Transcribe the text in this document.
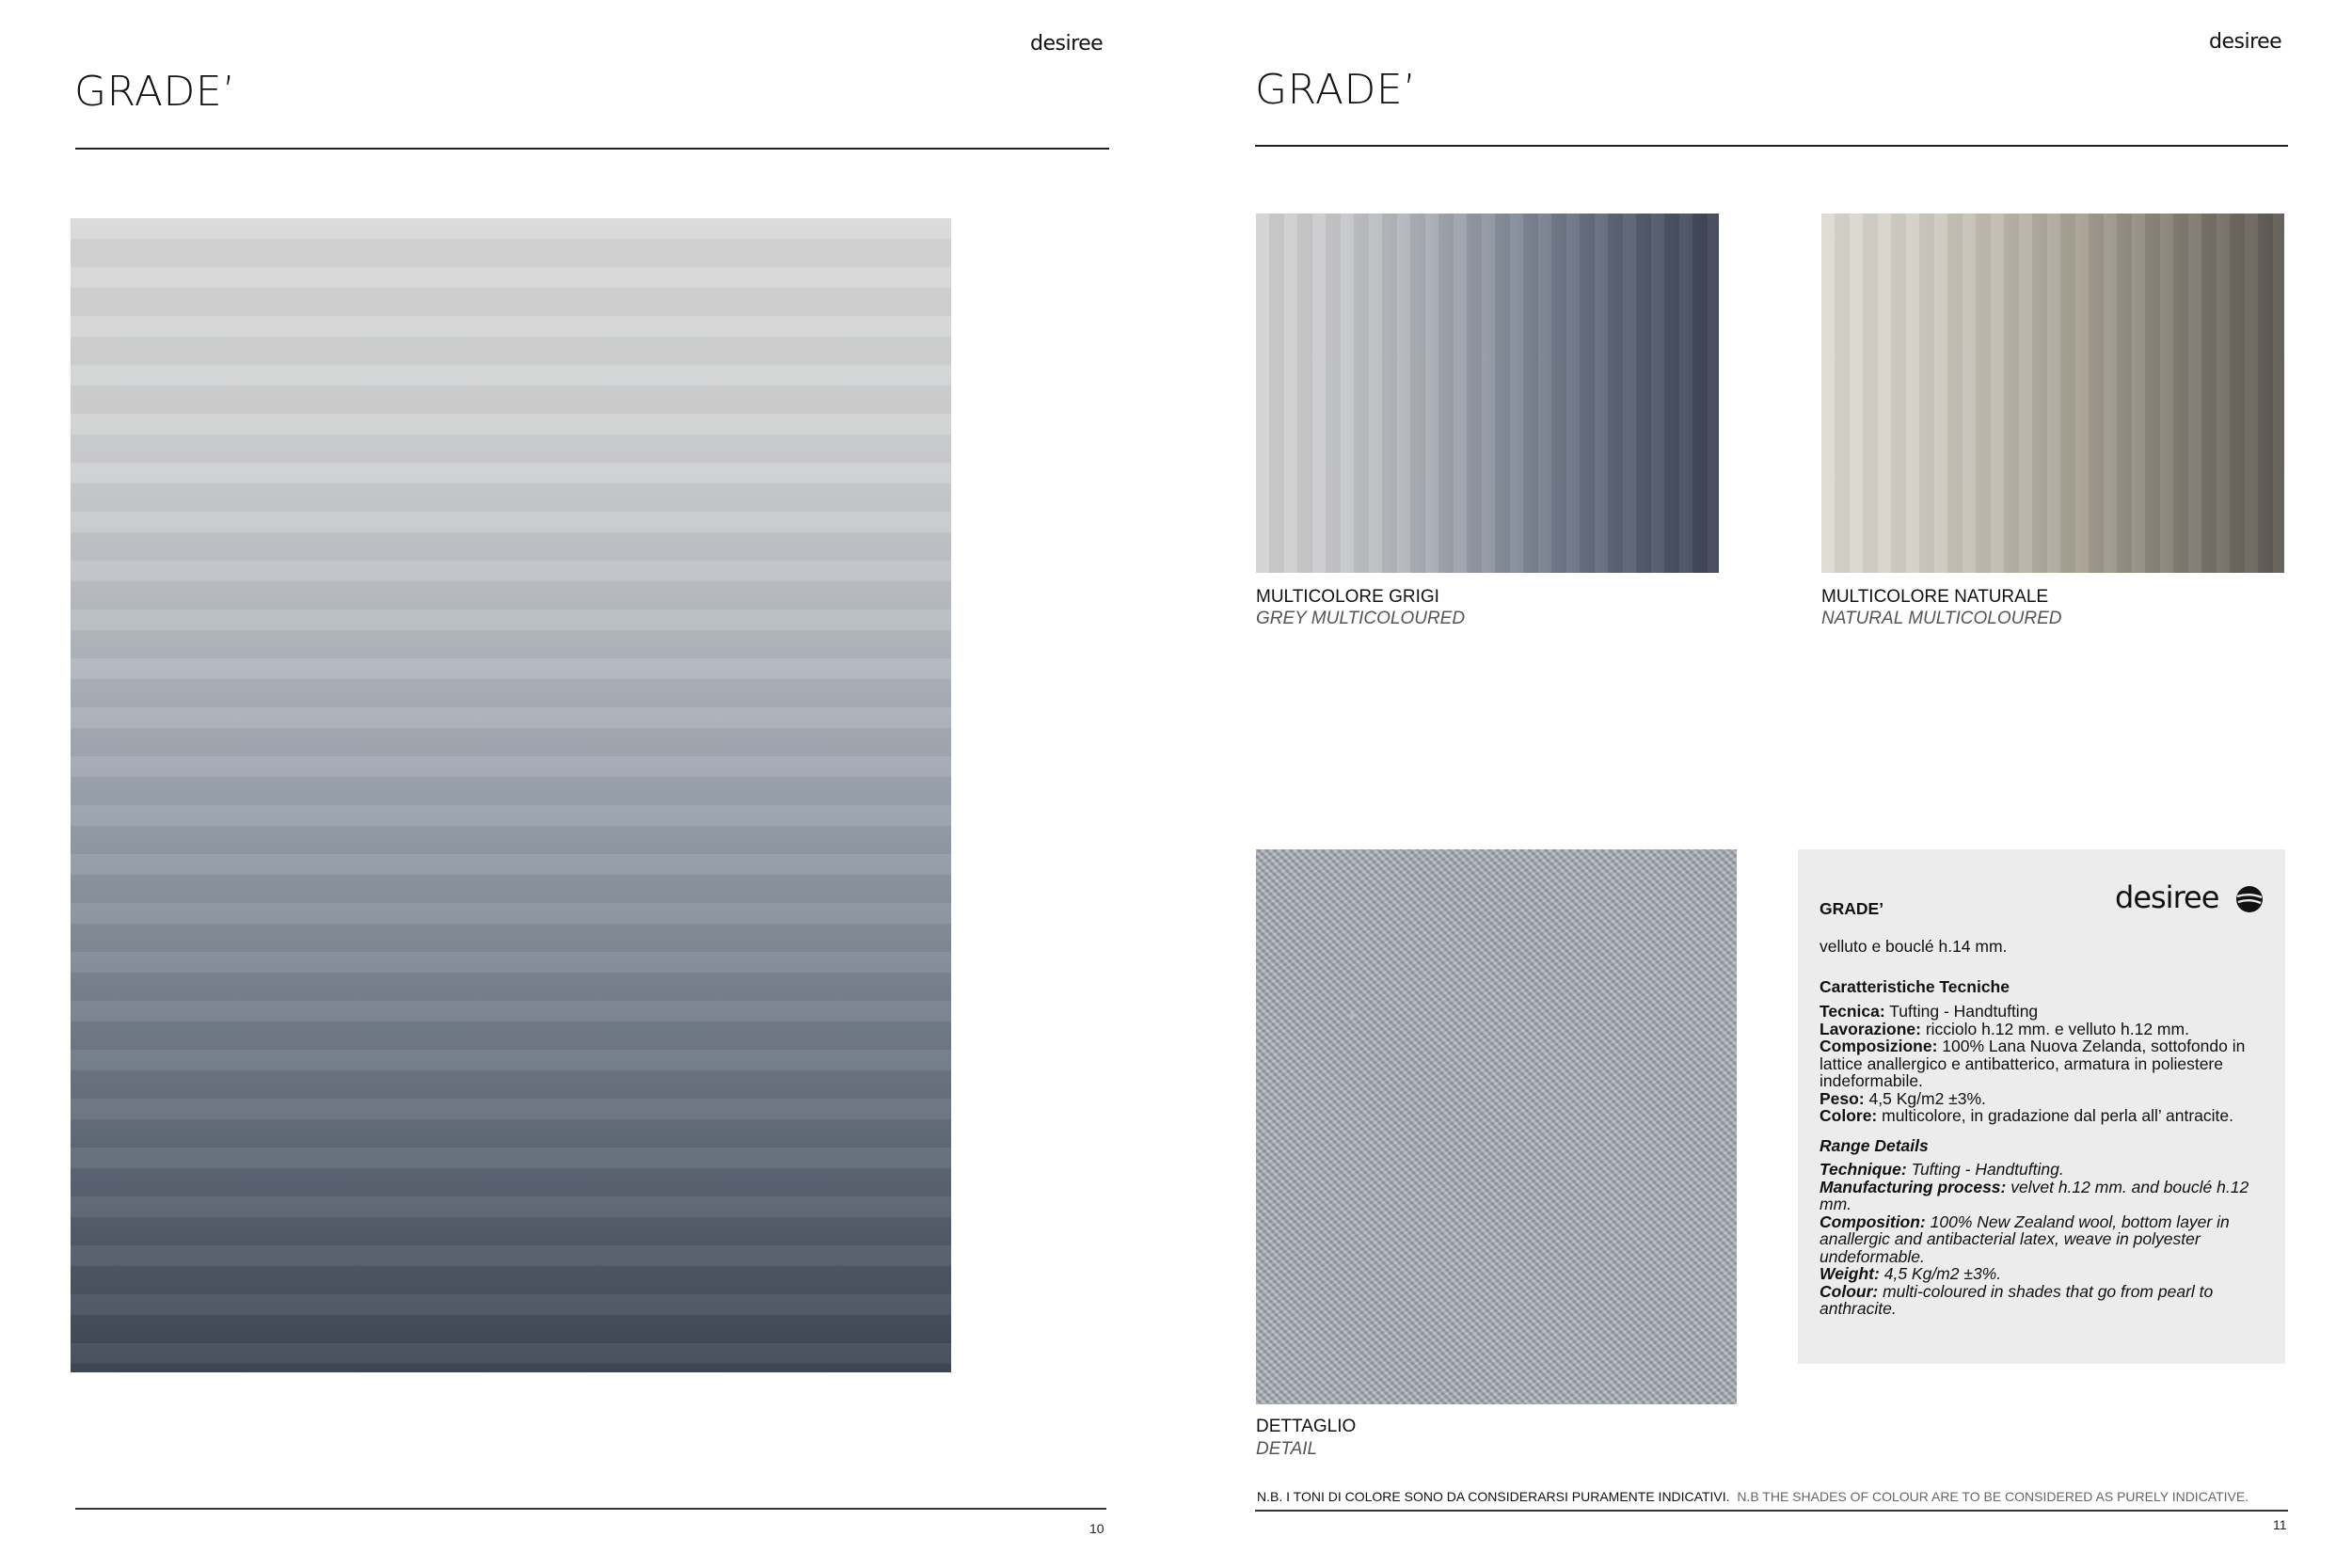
desiree
GRADE’
10
desiree
GRADE’
MULTICOLORE GRIGI
GREY MULTICOLOURED
MULTICOLORE NATURALE
NATURAL MULTICOLOURED
DETTAGLIO
DETAIL
desiree
GRADE’
velluto e bouclé h.14 mm.
Caratteristiche Tecniche

Tecnica: Tufting - Handtufting

Lavorazione: ricciolo h.12 mm. e velluto h.12 mm.

Composizione: 100% Lana Nuova Zelanda, sottofondo in lattice anallergico e antibatterico, armatura in poliestere indeformabile.

Peso: 4,5 Kg/m2 ±3%.

Colore: multicolore, in gradazione dal perla all’ antracite.

Range Details

Technique: Tufting - Handtufting.

Manufacturing process: velvet h.12 mm. and bouclé h.12 mm.

Composition: 100% New Zealand wool, bottom layer in anallergic and antibacterial latex, weave in polyester undeformable.

Weight: 4,5 Kg/m2 ±3%.

Colour: multi-coloured in shades that go from pearl to anthracite.

N.B. I TONI DI COLORE SONO DA CONSIDERARSI PURAMENTE INDICATIVI. N.B THE SHADES OF COLOUR ARE TO BE CONSIDERED AS PURELY INDICATIVE.
11
